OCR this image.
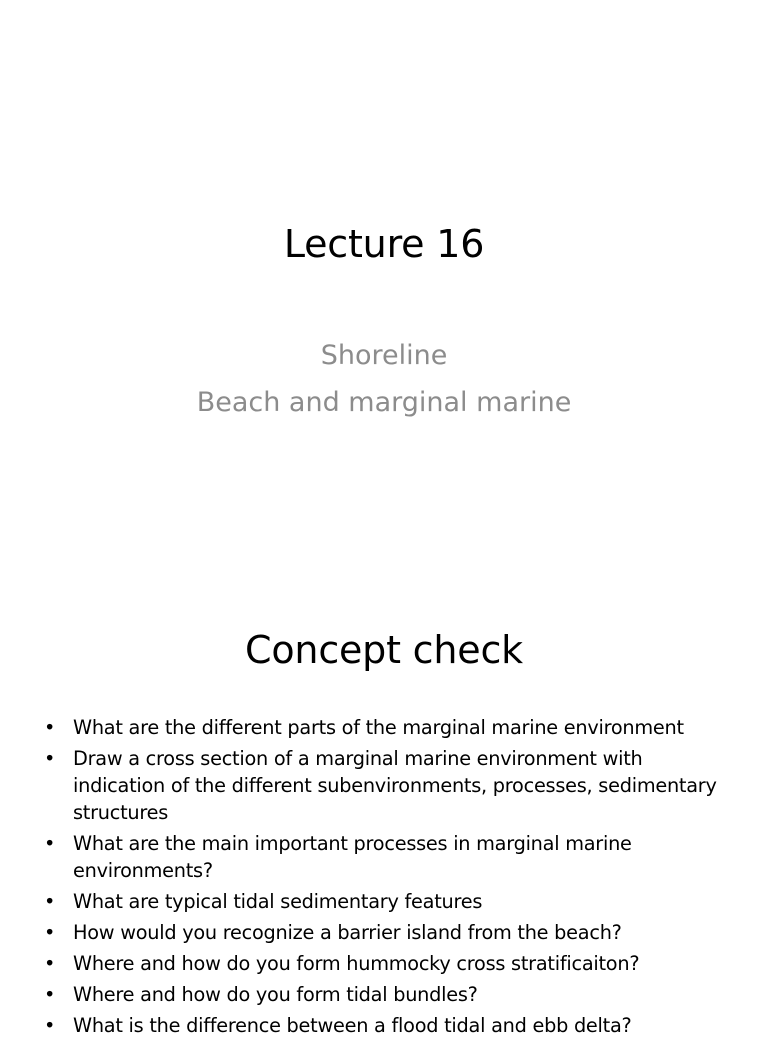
Lecture 16
Shoreline
Beach and marginal marine
Concept check
• What are the different parts of the marginal marine environment
• Draw a cross section of a marginal marine environment with indication of the different subenvironments, processes, sedimentary structures
• What are the main important processes in marginal marine environments?
• What are typical tidal sedimentary features
• How would you recognize a barrier island from the beach?
• Where and how do you form hummocky cross stratificaiton?
• Where and how do you form tidal bundles?
• What is the difference between a flood tidal and ebb delta?
